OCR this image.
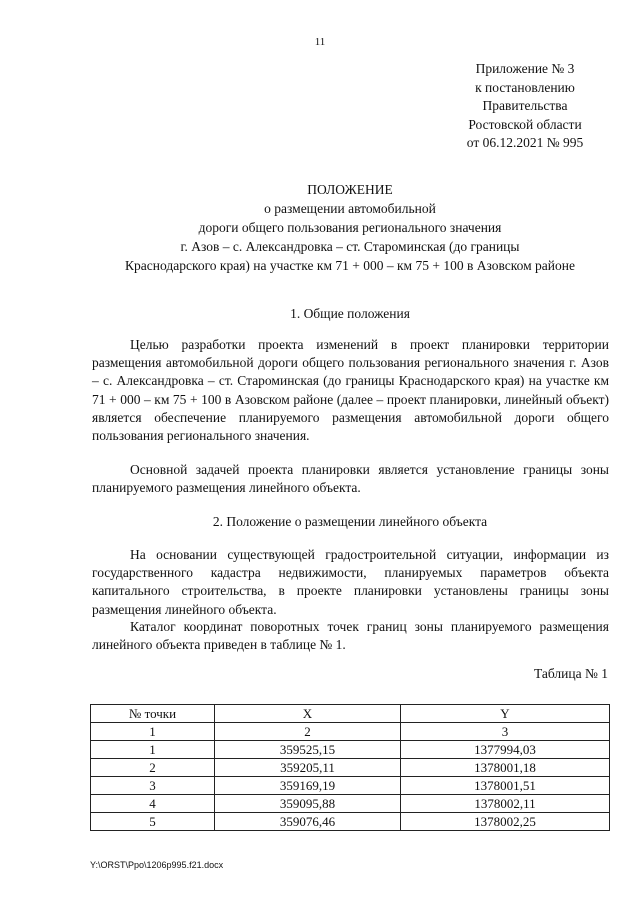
11
Приложение № 3
к постановлению
Правительства
Ростовской области
от 06.12.2021 № 995
ПОЛОЖЕНИЕ
о размещении автомобильной
дороги общего пользования регионального значения
г. Азов – с. Александровка – ст. Староминская (до границы
Краснодарского края) на участке км 71 + 000 – км 75 + 100 в Азовском районе
1. Общие положения
Целью разработки проекта изменений в проект планировки территории размещения автомобильной дороги общего пользования регионального значения г. Азов – с. Александровка – ст. Староминская (до границы Краснодарского края) на участке км 71 + 000 – км 75 + 100 в Азовском районе (далее – проект планировки, линейный объект) является обеспечение планируемого размещения автомобильной дороги общего пользования регионального значения.
Основной задачей проекта планировки является установление границы зоны планируемого размещения линейного объекта.
2. Положение о размещении линейного объекта
На основании существующей градостроительной ситуации, информации из государственного кадастра недвижимости, планируемых параметров объекта капитального строительства, в проекте планировки установлены границы зоны размещения линейного объекта.
Каталог координат поворотных точек границ зоны планируемого размещения линейного объекта приведен в таблице № 1.
Таблица № 1
№ точки	X	Y
1	2	3
1	359525,15	1377994,03
2	359205,11	1378001,18
3	359169,19	1378001,51
4	359095,88	1378002,11
5	359076,46	1378002,25
Y:\ORST\Ppo\1206p995.f21.docx
